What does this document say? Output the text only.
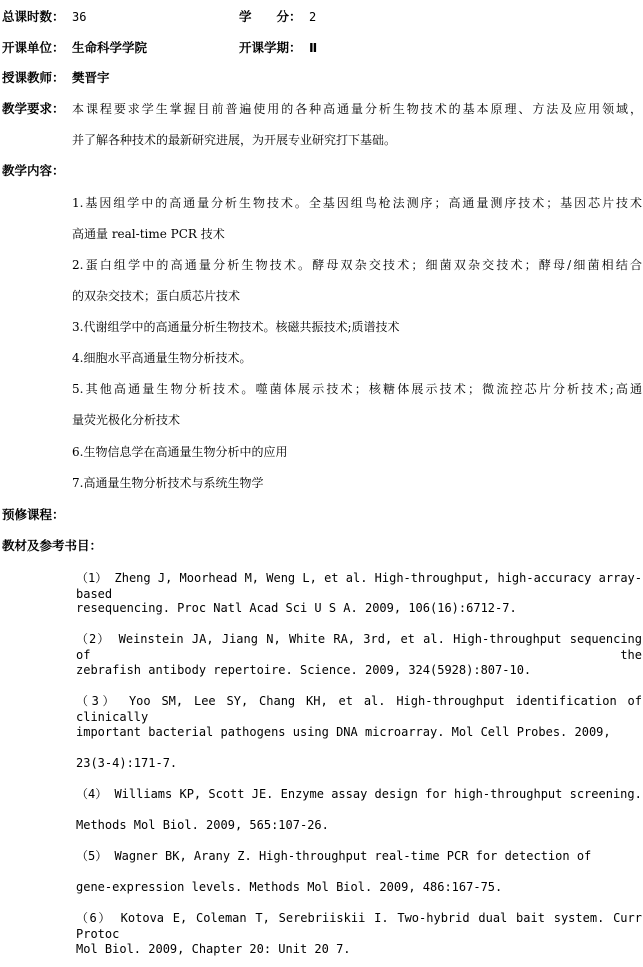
总课时数： 36	学　　分： 2
开课单位： 生命科学学院	开课学期： Ⅱ
授课教师： 樊晋宇
教学要求： 本课程要求学生掌握目前普遍使用的各种高通量分析生物技术的基本原理、方法及应用领域，
并了解各种技术的最新研究进展，为开展专业研究打下基础。
教学内容：
1.基因组学中的高通量分析生物技术。全基因组鸟枪法测序；高通量测序技术；基因芯片技术
高通量 real-time PCR 技术
2.蛋白组学中的高通量分析生物技术。酵母双杂交技术；细菌双杂交技术；酵母/细菌相结合
的双杂交技术；蛋白质芯片技术
3.代谢组学中的高通量分析生物技术。核磁共振技术;质谱技术
4.细胞水平高通量生物分析技术。
5.其他高通量生物分析技术。噬菌体展示技术；核糖体展示技术；微流控芯片分析技术;高通
量荧光极化分析技术
6.生物信息学在高通量生物分析中的应用
7.高通量生物分析技术与系统生物学
预修课程：
教材及参考书目：
（1） Zheng J, Moorhead M, Weng L, et al. High-throughput, high-accuracy array-based
resequencing. Proc Natl Acad Sci U S A. 2009, 106(16):6712-7.
（2） Weinstein JA, Jiang N, White RA, 3rd, et al. High-throughput sequencing of the
zebrafish antibody repertoire. Science. 2009, 324(5928):807-10.
（3） Yoo SM, Lee SY, Chang KH, et al. High-throughput identification of clinically
important bacterial pathogens using DNA microarray. Mol Cell Probes. 2009,
23(3-4):171-7.
（4） Williams KP, Scott JE. Enzyme assay design for high-throughput screening.
Methods Mol Biol. 2009, 565:107-26.
（5） Wagner BK, Arany Z. High-throughput real-time PCR for detection of
gene-expression levels. Methods Mol Biol. 2009, 486:167-75.
（6） Kotova E, Coleman T, Serebriiskii I. Two-hybrid dual bait system. Curr Protoc
Mol Biol. 2009, Chapter 20: Unit 20 7.
